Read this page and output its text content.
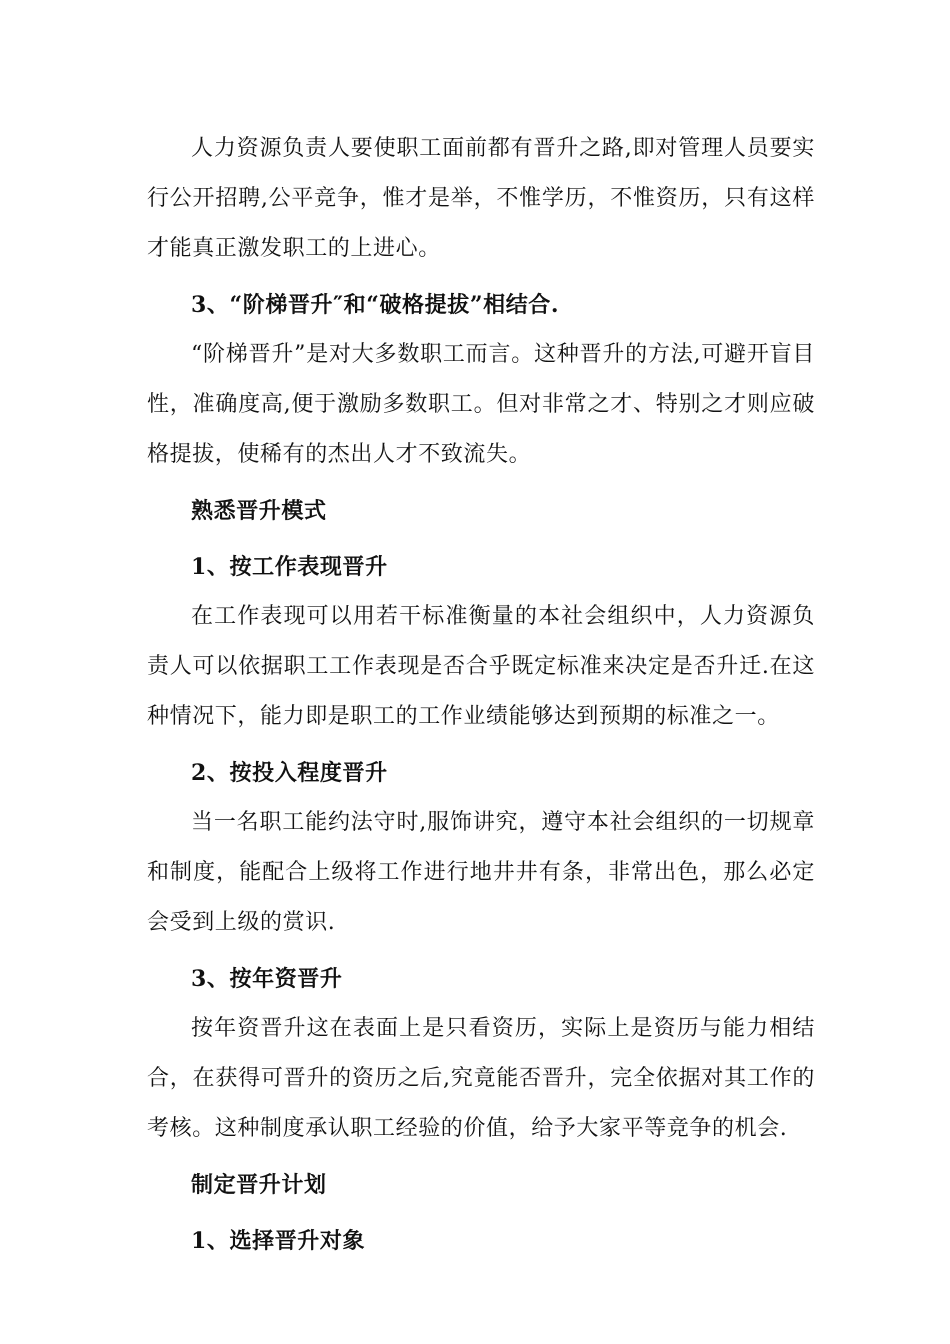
人力资源负责人要使职工面前都有晋升之路,即对管理人员要实行公开招聘,公平竞争，惟才是举，不惟学历，不惟资历，只有这样才能真正激发职工的上进心。

3、“阶梯晋升″和“破格提拔”相结合.

“阶梯晋升”是对大多数职工而言。这种晋升的方法,可避开盲目性，准确度高,便于激励多数职工。但对非常之才、特别之才则应破格提拔，使稀有的杰出人才不致流失。

熟悉晋升模式

1、按工作表现晋升

在工作表现可以用若干标准衡量的本社会组织中，人力资源负责人可以依据职工工作表现是否合乎既定标准来决定是否升迁.在这种情况下，能力即是职工的工作业绩能够达到预期的标准之一。

2、按投入程度晋升

当一名职工能约法守时,服饰讲究，遵守本社会组织的一切规章和制度，能配合上级将工作进行地井井有条，非常出色，那么必定会受到上级的赏识.

3、按年资晋升

按年资晋升这在表面上是只看资历，实际上是资历与能力相结合，在获得可晋升的资历之后,究竟能否晋升，完全依据对其工作的考核。这种制度承认职工经验的价值，给予大家平等竞争的机会.

制定晋升计划

1、选择晋升对象
